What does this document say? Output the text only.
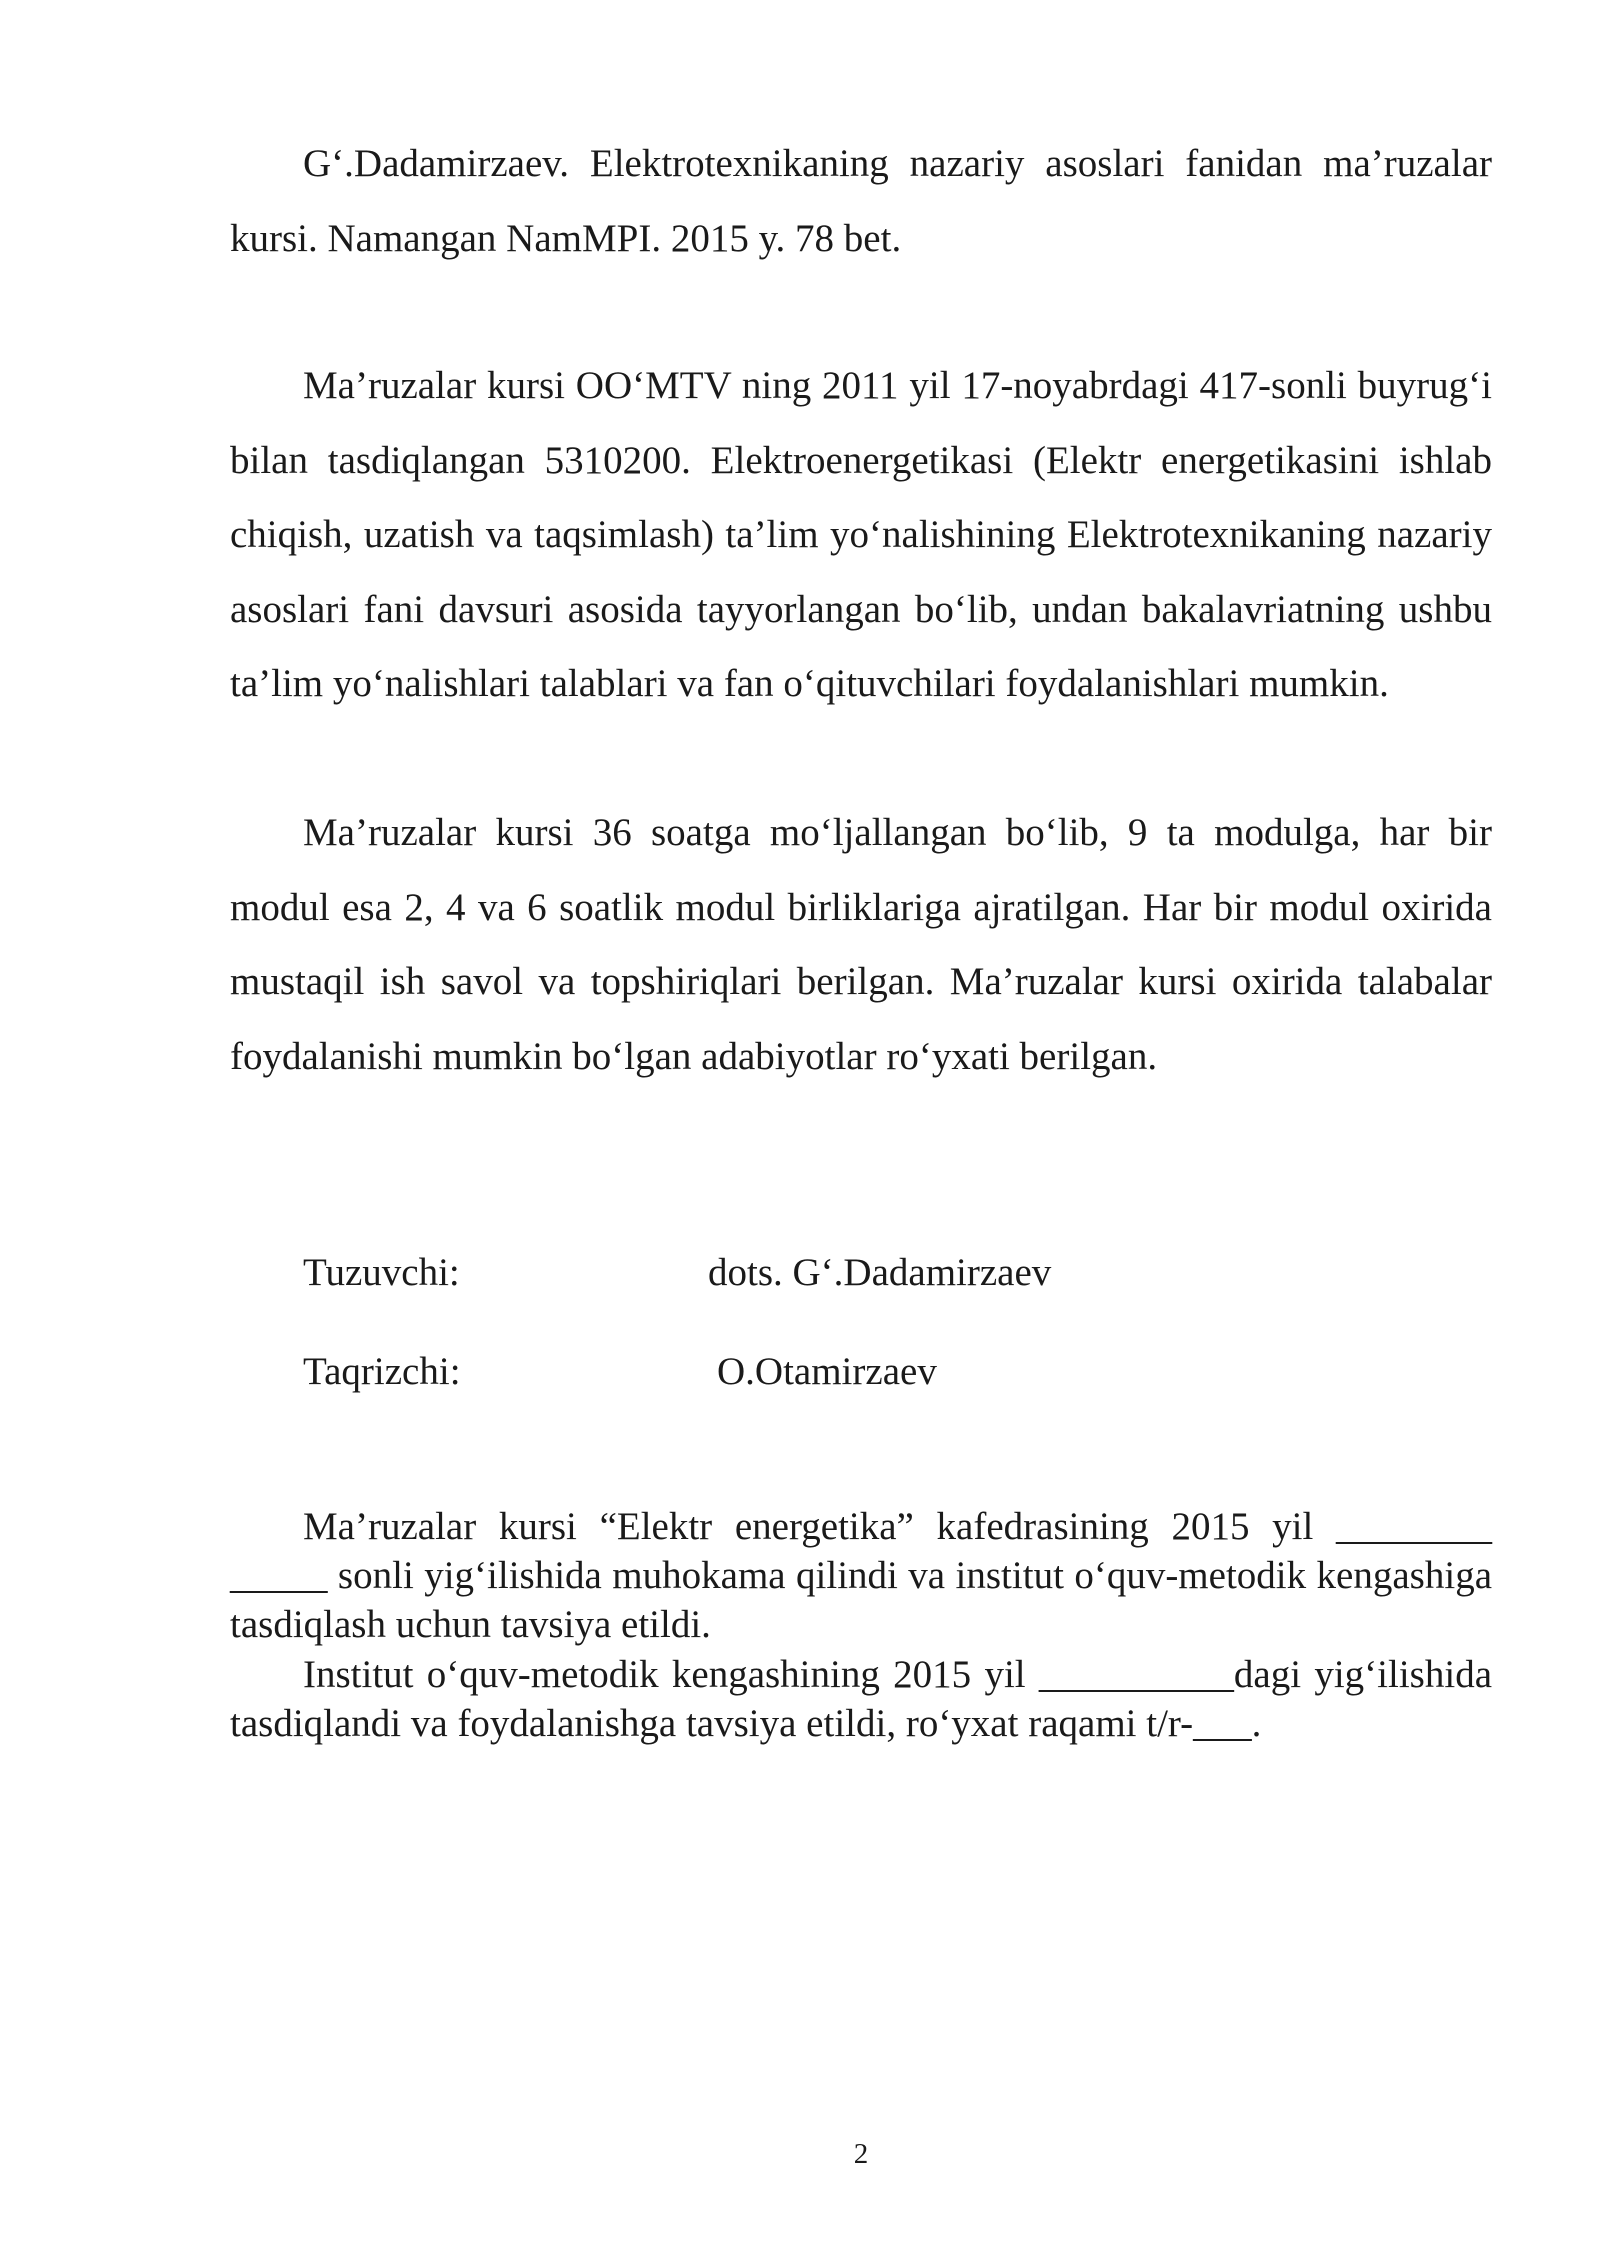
G‘.Dadamirzaev. Elektrotexnikaning nazariy asoslari fanidan ma’ruzalar kursi. Namangan NamMPI. 2015 y. 78 bet.

Ma’ruzalar kursi OO‘MTV ning 2011 yil 17-noyabrdagi 417-sonli buyrug‘i bilan tasdiqlangan 5310200. Elektroenergetikasi (Elektr energetikasini ishlab chiqish, uzatish va taqsimlash) ta’lim yo‘nalishining Elektrotexnikaning nazariy asoslari fani davsuri asosida tayyorlangan bo‘lib, undan bakalavriatning ushbu ta’lim yo‘nalishlari talablari va fan o‘qituvchilari foydalanishlari mumkin.

Ma’ruzalar kursi 36 soatga mo‘ljallangan bo‘lib, 9 ta modulga, har bir modul esa 2, 4 va 6 soatlik modul birliklariga ajratilgan. Har bir modul oxirida mustaqil ish savol va topshiriqlari berilgan. Ma’ruzalar kursi oxirida talabalar foydalanishi mumkin bo‘lgan adabiyotlar ro‘yxati berilgan.

Tuzuvchi:	dots. G‘.Dadamirzaev
Taqrizchi:	O.Otamirzaev

Ma’ruzalar kursi “Elektr energetika” kafedrasining 2015 yil ________ _____ sonli yig‘ilishida muhokama qilindi va institut o‘quv-metodik kengashiga tasdiqlash uchun tavsiya etildi.

Institut o‘quv-metodik kengashining 2015 yil __________dagi yig‘ilishida tasdiqlandi va foydalanishga tavsiya etildi, ro‘yxat raqami t/r-___.

2
